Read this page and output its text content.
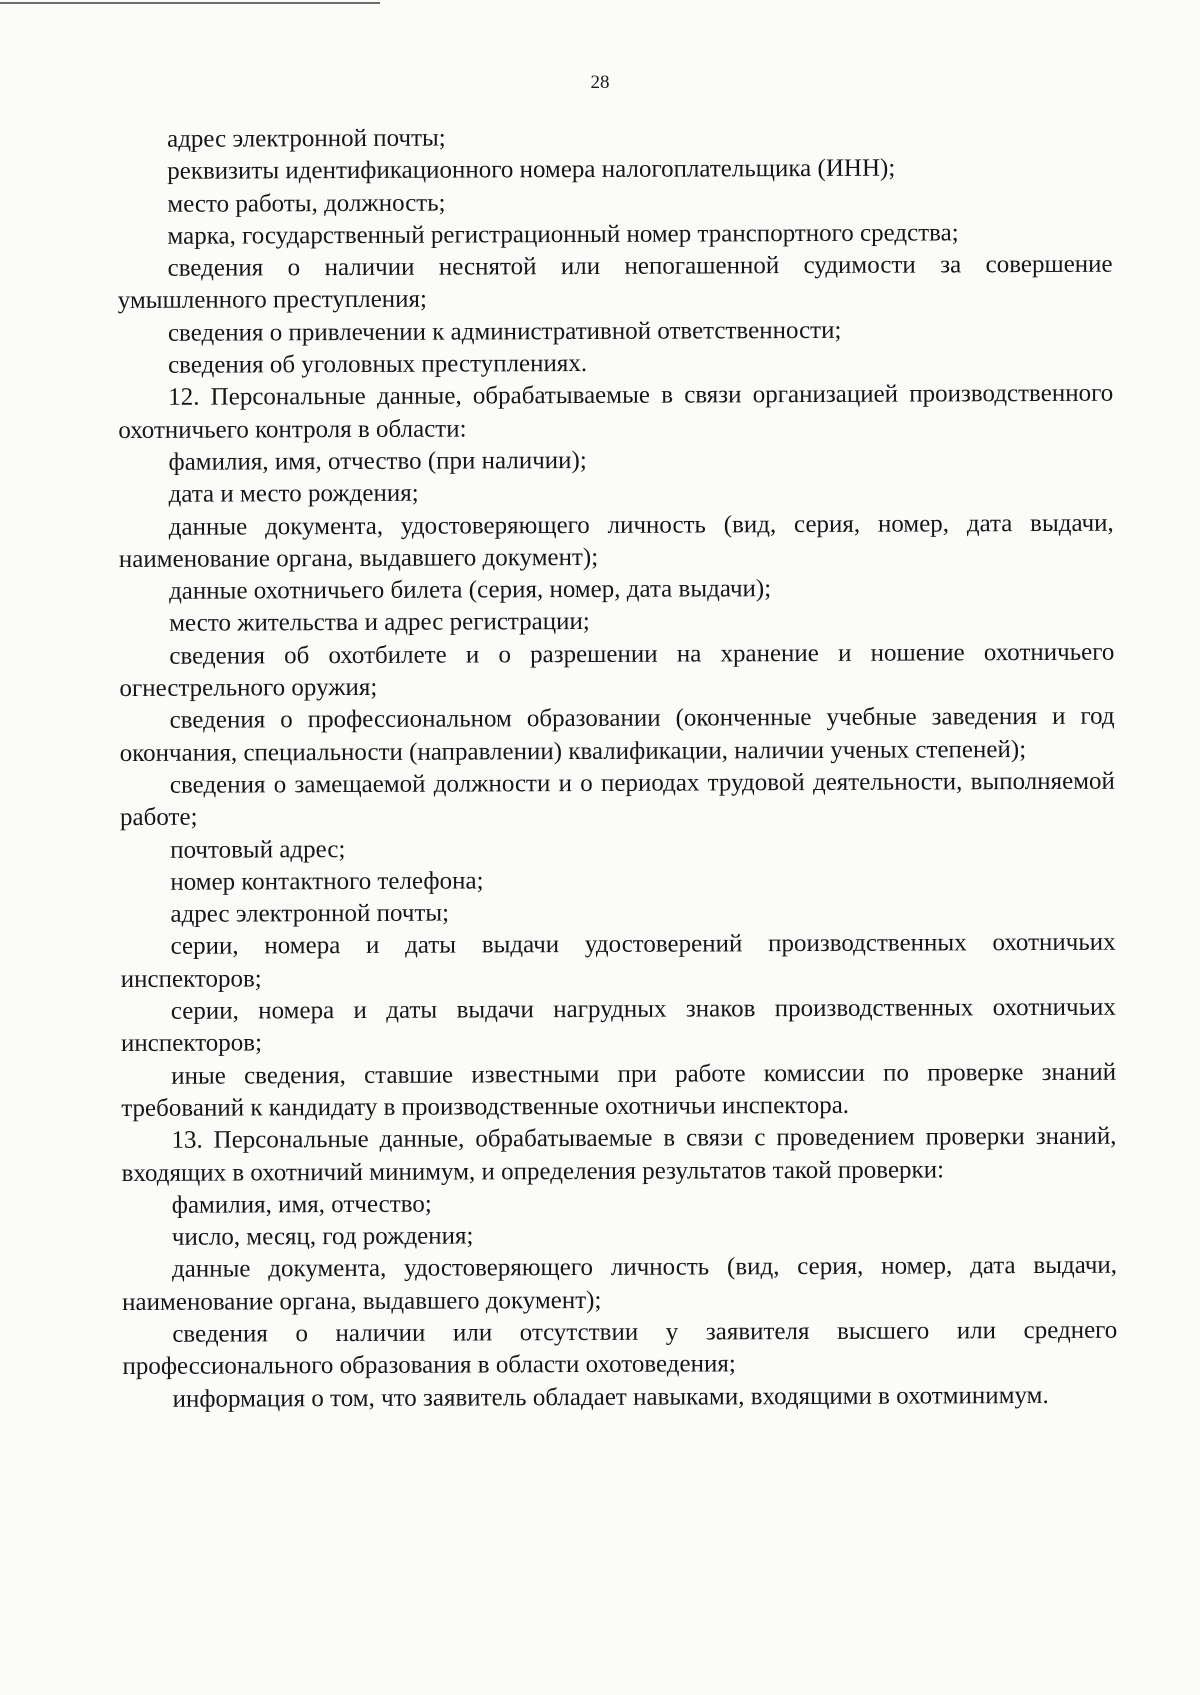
28

адрес электронной почты;

реквизиты идентификационного номера налогоплательщика (ИНН);

место работы, должность;

марка, государственный регистрационный номер транспортного средства;

сведения о наличии неснятой или непогашенной судимости за совершение умышленного преступления;

сведения о привлечении к административной ответственности;

сведения об уголовных преступлениях.

12. Персональные данные, обрабатываемые в связи организацией производственного охотничьего контроля в области:

фамилия, имя, отчество (при наличии);

дата и место рождения;

данные документа, удостоверяющего личность (вид, серия, номер, дата выдачи, наименование органа, выдавшего документ);

данные охотничьего билета (серия, номер, дата выдачи);

место жительства и адрес регистрации;

сведения об охотбилете и о разрешении на хранение и ношение охотничьего огнестрельного оружия;

сведения о профессиональном образовании (оконченные учебные заведения и год окончания, специальности (направлении) квалификации, наличии ученых степеней);

сведения о замещаемой должности и о периодах трудовой деятельности, выполняемой работе;

почтовый адрес;

номер контактного телефона;

адрес электронной почты;

серии, номера и даты выдачи удостоверений производственных охотничьих инспекторов;

серии, номера и даты выдачи нагрудных знаков производственных охотничьих инспекторов;

иные сведения, ставшие известными при работе комиссии по проверке знаний требований к кандидату в производственные охотничьи инспектора.

13. Персональные данные, обрабатываемые в связи с проведением проверки знаний, входящих в охотничий минимум, и определения результатов такой проверки:

фамилия, имя, отчество;

число, месяц, год рождения;

данные документа, удостоверяющего личность (вид, серия, номер, дата выдачи, наименование органа, выдавшего документ);

сведения о наличии или отсутствии у заявителя высшего или среднего профессионального образования в области охотоведения;

информация о том, что заявитель обладает навыками, входящими в охотминимум.
